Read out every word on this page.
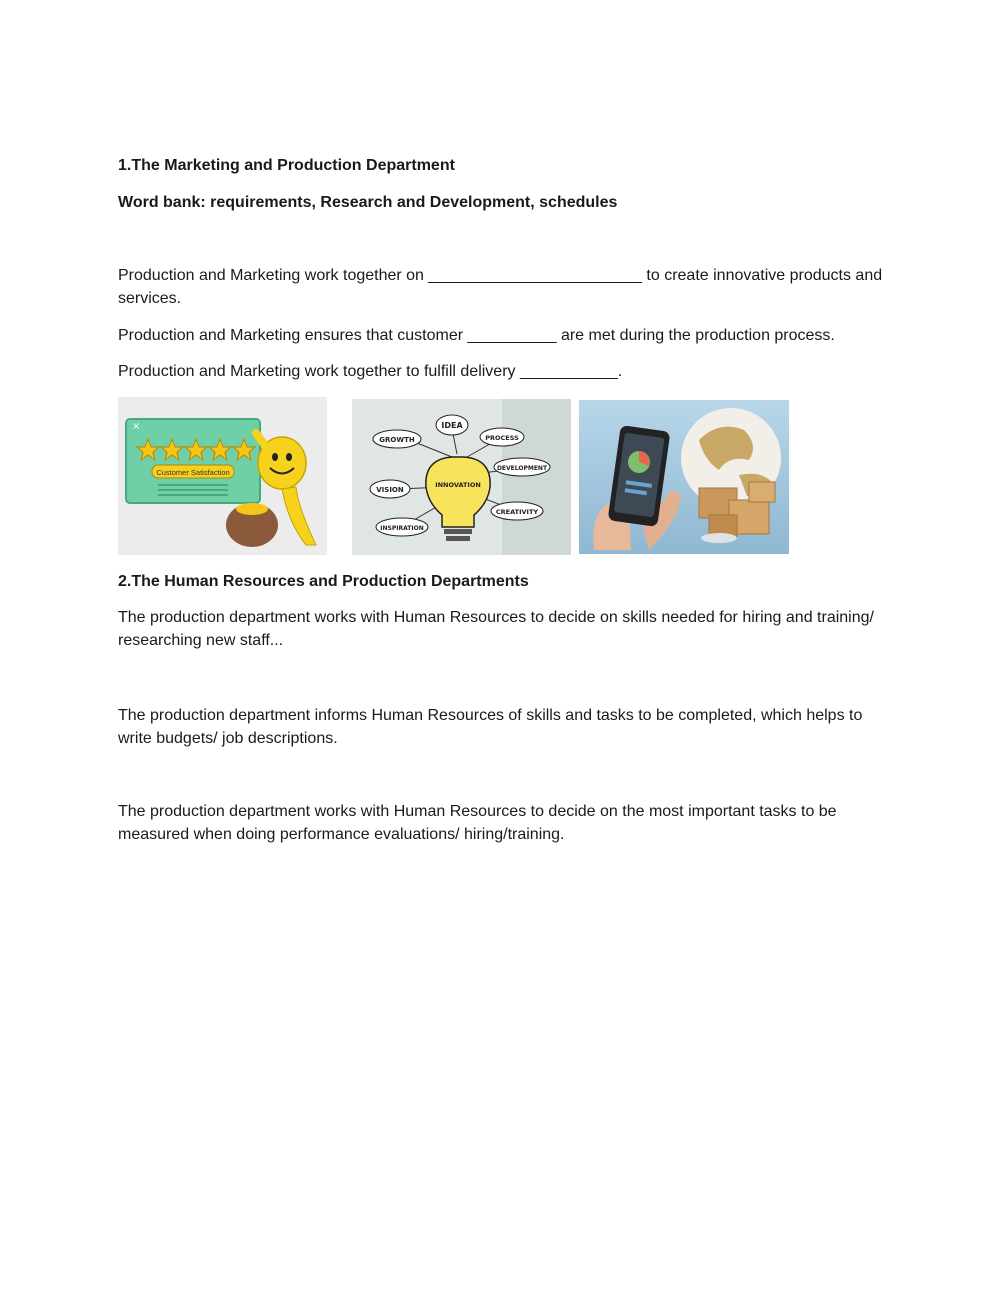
1.The Marketing and Production Department
Word bank: requirements, Research and Development, schedules
Production and Marketing work together on ________________________ to create innovative products and services.
Production and Marketing ensures that customer __________ are met during the production process.
Production and Marketing work together to fulfill delivery ___________.
×
Customer Satisfaction
GROWTH
IDEA
PROCESS
DEVELOPMENT
VISION
INNOVATION
CREATIVITY
INSPIRATION
2.The Human Resources and Production Departments
The production department works with Human Resources to decide on skills needed for hiring and training/ researching new staff...
The production department informs Human Resources of skills and tasks to be completed, which helps to write budgets/ job descriptions.
The production department works with Human Resources to decide on the most important tasks to be measured when doing performance evaluations/ hiring/training.
